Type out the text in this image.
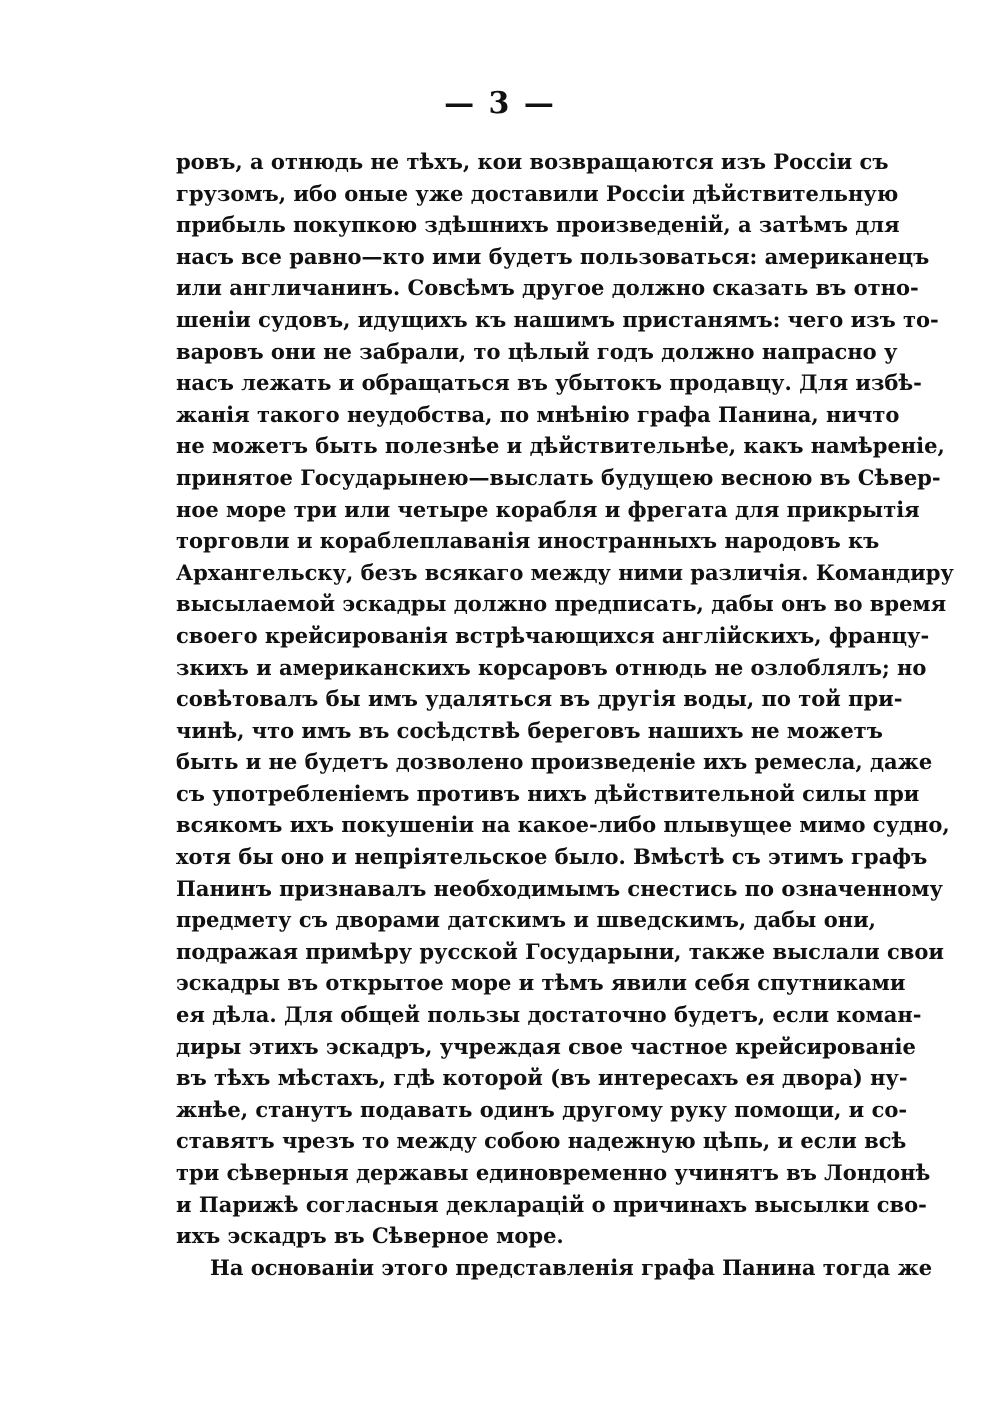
— 3 —
ровъ, а отнюдь не тѣхъ, кои возвращаются изъ Россіи съ
грузомъ, ибо оные уже доставили Россіи дѣйствительную
прибыль покупкою здѣшнихъ произведеній, а затѣмъ для
насъ все равно—кто ими будетъ пользоваться: американецъ
или англичанинъ. Совсѣмъ другое должно сказать въ отно-
шеніи судовъ, идущихъ къ нашимъ пристанямъ: чего изъ то-
варовъ они не забрали, то цѣлый годъ должно напрасно у
насъ лежать и обращаться въ убытокъ продавцу. Для избѣ-
жанія такого неудобства, по мнѣнію графа Панина, ничто
не можетъ быть полезнѣе и дѣйствительнѣе, какъ намѣреніе,
принятое Государынею—выслать будущею весною въ Сѣвер-
ное море три или четыре корабля и фрегата для прикрытія
торговли и кораблеплаванія иностранныхъ народовъ къ
Архангельску, безъ всякаго между ними различія. Командиру
высылаемой эскадры должно предписать, дабы онъ во время
своего крейсированія встрѣчающихся англійскихъ, францу-
зкихъ и американскихъ корсаровъ отнюдь не озлоблялъ; но
совѣтовалъ бы имъ удаляться въ другія воды, по той при-
чинѣ, что имъ въ сосѣдствѣ береговъ нашихъ не можетъ
быть и не будетъ дозволено произведеніе ихъ ремесла, даже
съ употребленіемъ противъ нихъ дѣйствительной силы при
всякомъ ихъ покушеніи на какое-либо плывущее мимо судно,
хотя бы оно и непріятельское было. Вмѣстѣ съ этимъ графъ
Панинъ признавалъ необходимымъ снестись по означенному
предмету съ дворами датскимъ и шведскимъ, дабы они,
подражая примѣру русской Государыни, также выслали свои
эскадры въ открытое море и тѣмъ явили себя спутниками
ея дѣла. Для общей пользы достаточно будетъ, если коман-
диры этихъ эскадръ, учреждая свое частное крейсированіе
въ тѣхъ мѣстахъ, гдѣ которой (въ интересахъ ея двора) ну-
жнѣе, станутъ подавать одинъ другому руку помощи, и со-
ставятъ чрезъ то между собою надежную цѣпь, и если всѣ
три сѣверныя державы единовременно учинятъ въ Лондонѣ
и Парижѣ согласныя декларацій о причинахъ высылки сво-
ихъ эскадръ въ Сѣверное море.
На основаніи этого представленія графа Панина тогда же
